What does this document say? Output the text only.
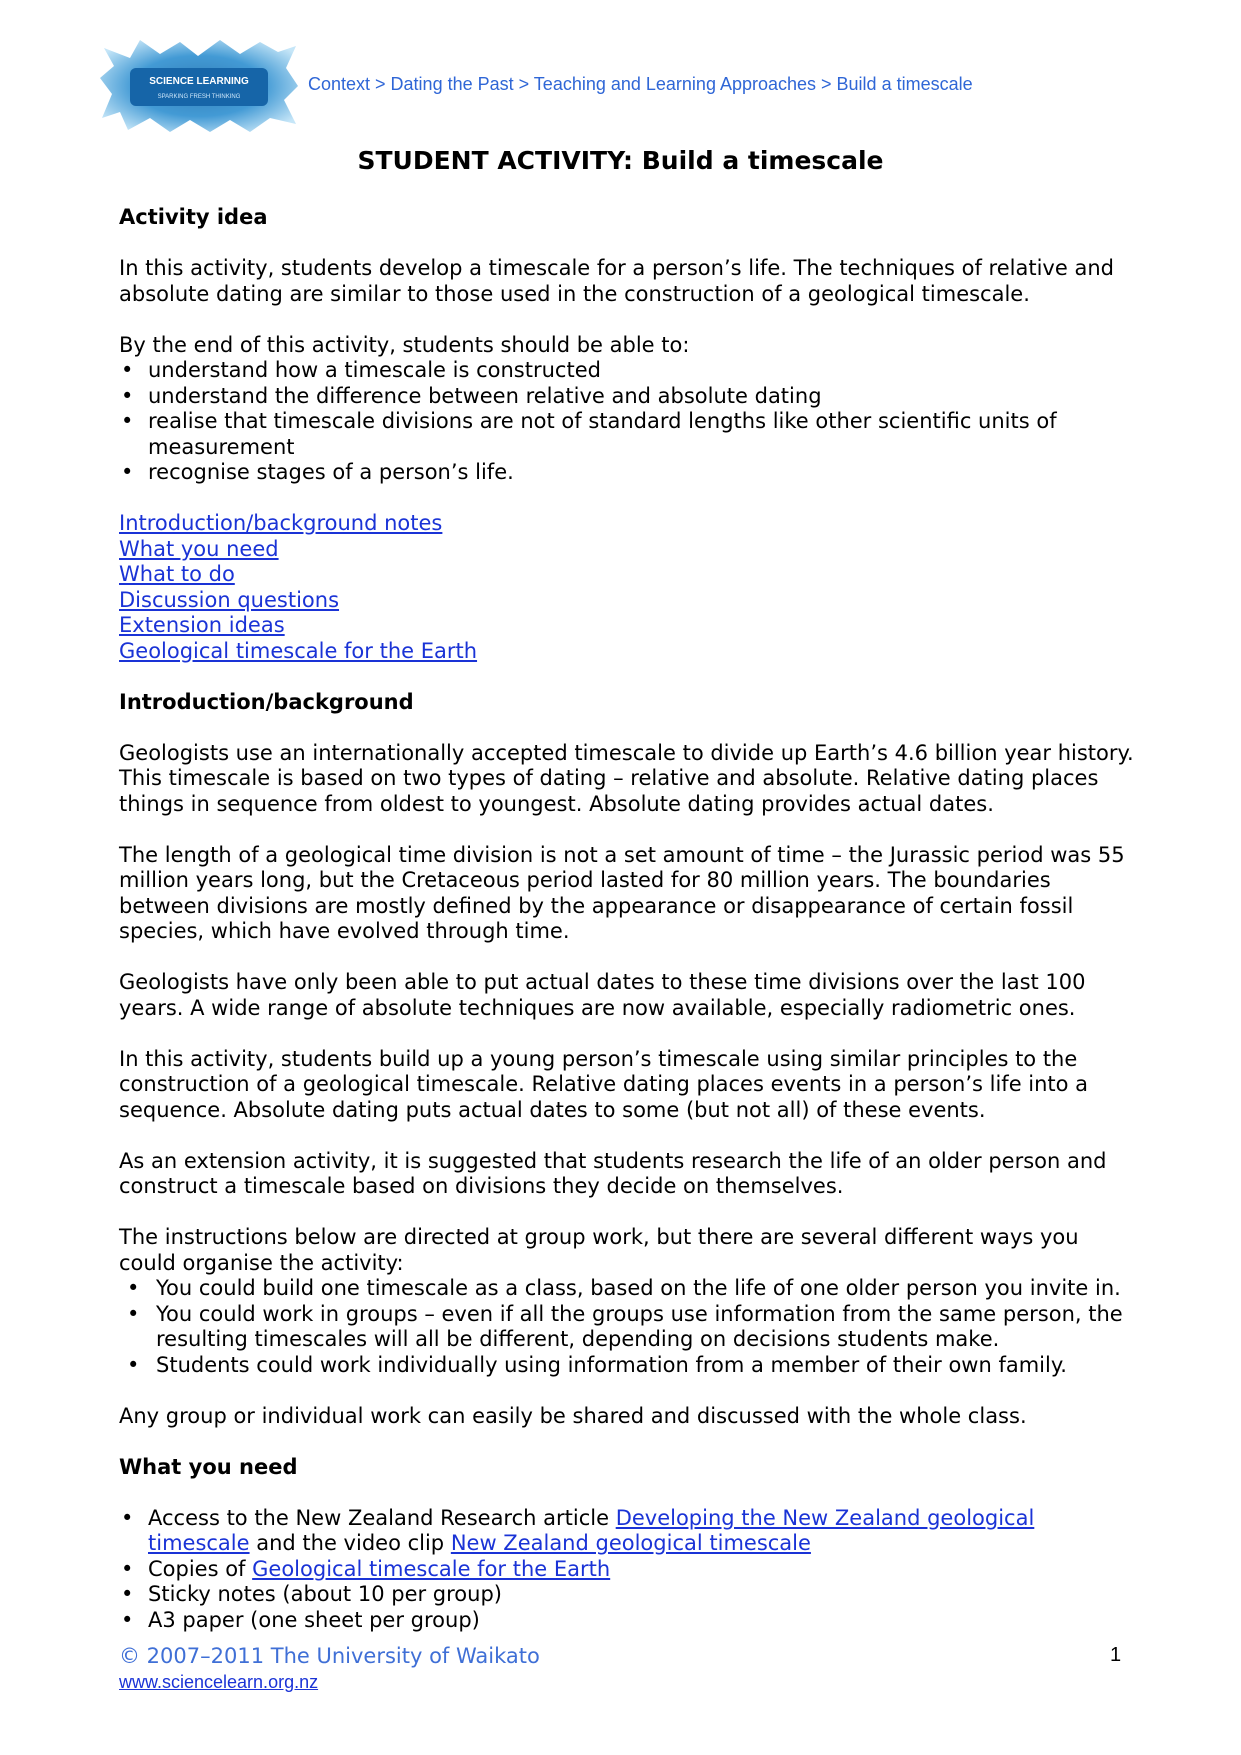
SCIENCE LEARNING
SPARKING FRESH THINKING
Context > Dating the Past > Teaching and Learning Approaches > Build a timescale
STUDENT ACTIVITY: Build a timescale

Activity idea

In this activity, students develop a timescale for a person’s life. The techniques of relative and absolute dating are similar to those used in the construction of a geological timescale.

By the end of this activity, students should be able to:

• understand how a timescale is constructed
• understand the difference between relative and absolute dating
• realise that timescale divisions are not of standard lengths like other scientific units of measurement
• recognise stages of a person’s life.
Introduction/background notes
What you need
What to do
Discussion questions
Extension ideas
Geological timescale for the Earth

Introduction/background

Geologists use an internationally accepted timescale to divide up Earth’s 4.6 billion year history. This timescale is based on two types of dating – relative and absolute. Relative dating places things in sequence from oldest to youngest. Absolute dating provides actual dates.

The length of a geological time division is not a set amount of time – the Jurassic period was 55 million years long, but the Cretaceous period lasted for 80 million years. The boundaries between divisions are mostly defined by the appearance or disappearance of certain fossil species, which have evolved through time.

Geologists have only been able to put actual dates to these time divisions over the last 100 years. A wide range of absolute techniques are now available, especially radiometric ones.

In this activity, students build up a young person’s timescale using similar principles to the construction of a geological timescale. Relative dating places events in a person’s life into a sequence. Absolute dating puts actual dates to some (but not all) of these events.

As an extension activity, it is suggested that students research the life of an older person and construct a timescale based on divisions they decide on themselves.

The instructions below are directed at group work, but there are several different ways you could organise the activity:

• You could build one timescale as a class, based on the life of one older person you invite in.
• You could work in groups – even if all the groups use information from the same person, the resulting timescales will all be different, depending on decisions students make.
• Students could work individually using information from a member of their own family.

Any group or individual work can easily be shared and discussed with the whole class.

What you need

• Access to the New Zealand Research article Developing the New Zealand geological timescale and the video clip New Zealand geological timescale
• Copies of Geological timescale for the Earth
• Sticky notes (about 10 per group)
• A3 paper (one sheet per group)
© 2007–2011 The University of Waikato
www.sciencelearn.org.nz
1
